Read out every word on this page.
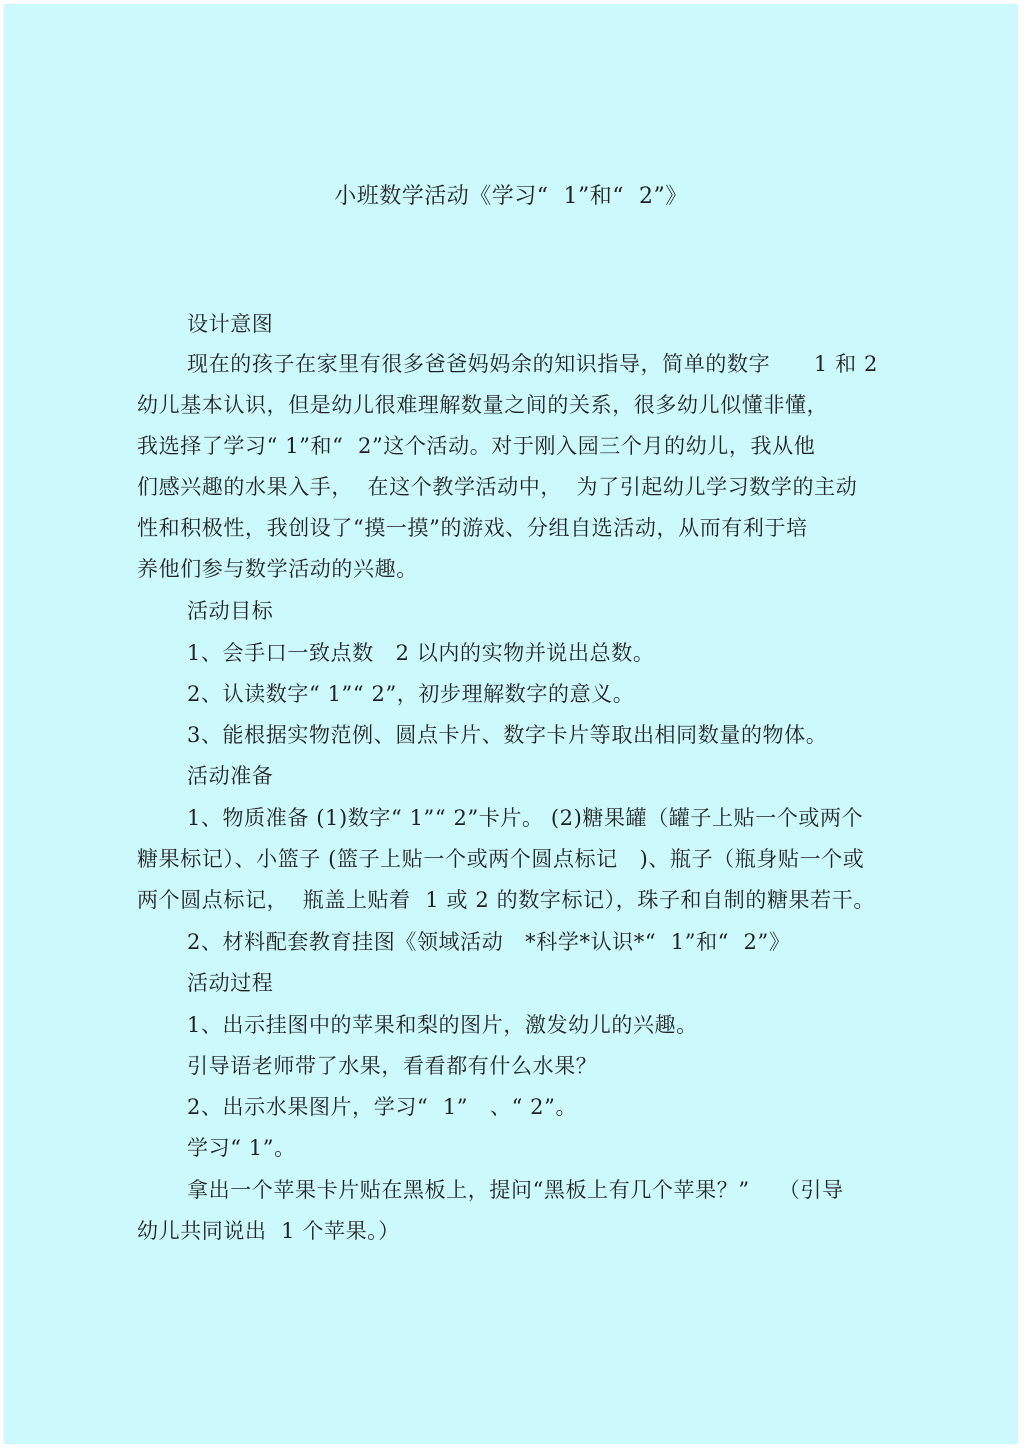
小班数学活动《学习“  1”和“  2”》
设计意图
现在的孩子在家里有很多爸爸妈妈余的知识指导，简单的数字      1 和 2
幼儿基本认识，但是幼儿很难理解数量之间的关系，很多幼儿似懂非懂，
我选择了学习“ 1”和“  2”这个活动。对于刚入园三个月的幼儿，我从他
们感兴趣的水果入手，  在这个教学活动中，  为了引起幼儿学习数学的主动
性和积极性，我创设了“摸一摸”的游戏、分组自选活动，从而有利于培
养他们参与数学活动的兴趣。
活动目标
1、会手口一致点数   2 以内的实物并说出总数。
2、认读数字“ 1”“ 2”，初步理解数字的意义。
3、能根据实物范例、圆点卡片、数字卡片等取出相同数量的物体。
活动准备
1、物质准备 (1)数字“ 1”“ 2”卡片。 (2)糖果罐（罐子上贴一个或两个
糖果标记）、小篮子 (篮子上贴一个或两个圆点标记   )、瓶子（瓶身贴一个或
两个圆点标记，  瓶盖上贴着  1 或 2 的数字标记），珠子和自制的糖果若干。
2、材料配套教育挂图《领域活动   *科学*认识*“  1”和“  2”》
活动过程
1、出示挂图中的苹果和梨的图片，激发幼儿的兴趣。
引导语老师带了水果，看看都有什么水果？
2、出示水果图片，学习“  1”   、“ 2”。
学习“ 1”。
拿出一个苹果卡片贴在黑板上，提问“黑板上有几个苹果？”    （引导
幼儿共同说出  1 个苹果。）
